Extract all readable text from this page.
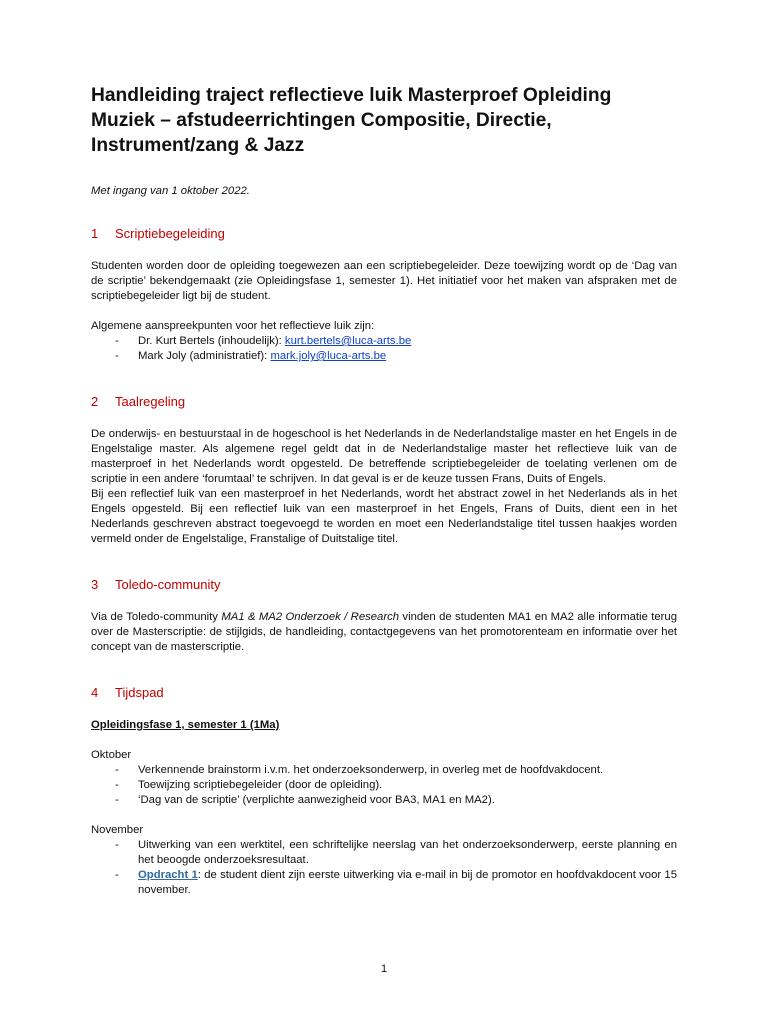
Handleiding traject reflectieve luik Masterproef Opleiding Muziek – afstudeerrichtingen Compositie, Directie, Instrument/zang & Jazz
Met ingang van 1 oktober 2022.
1	Scriptiebegeleiding

Studenten worden door de opleiding toegewezen aan een scriptiebegeleider. Deze toewijzing wordt op de ‘Dag van de scriptie’ bekendgemaakt (zie Opleidingsfase 1, semester 1). Het initiatief voor het maken van afspraken met de scriptiebegeleider ligt bij de student.

Algemene aanspreekpunten voor het reflectieve luik zijn:

- Dr. Kurt Bertels (inhoudelijk): kurt.bertels@luca-arts.be
- Mark Joly (administratief): mark.joly@luca-arts.be
2	Taalregeling

De onderwijs- en bestuurstaal in de hogeschool is het Nederlands in de Nederlandstalige master en het Engels in de Engelstalige master. Als algemene regel geldt dat in de Nederlandstalige master het reflectieve luik van de masterproef in het Nederlands wordt opgesteld. De betreffende scriptiebegeleider de toelating verlenen om de scriptie in een andere ‘forumtaal’ te schrijven. In dat geval is er de keuze tussen Frans, Duits of Engels.

Bij een reflectief luik van een masterproef in het Nederlands, wordt het abstract zowel in het Nederlands als in het Engels opgesteld. Bij een reflectief luik van een masterproef in het Engels, Frans of Duits, dient een in het Nederlands geschreven abstract toegevoegd te worden en moet een Nederlandstalige titel tussen haakjes worden vermeld onder de Engelstalige, Franstalige of Duitstalige titel.

3	Toledo-community

Via de Toledo-community MA1 & MA2 Onderzoek / Research vinden de studenten MA1 en MA2 alle informatie terug over de Masterscriptie: de stijlgids, de handleiding, contactgegevens van het promotorenteam en informatie over het concept van de masterscriptie.

4	Tijdspad
Opleidingsfase 1, semester 1 (1Ma)
Oktober
- Verkennende brainstorm i.v.m. het onderzoeksonderwerp, in overleg met de hoofdvakdocent.
- Toewijzing scriptiebegeleider (door de opleiding).
- ‘Dag van de scriptie’ (verplichte aanwezigheid voor BA3, MA1 en MA2).
November
- Uitwerking van een werktitel, een schriftelijke neerslag van het onderzoeksonderwerp, eerste planning en het beoogde onderzoeksresultaat.
- Opdracht 1: de student dient zijn eerste uitwerking via e-mail in bij de promotor en hoofdvakdocent voor 15 november.
1
